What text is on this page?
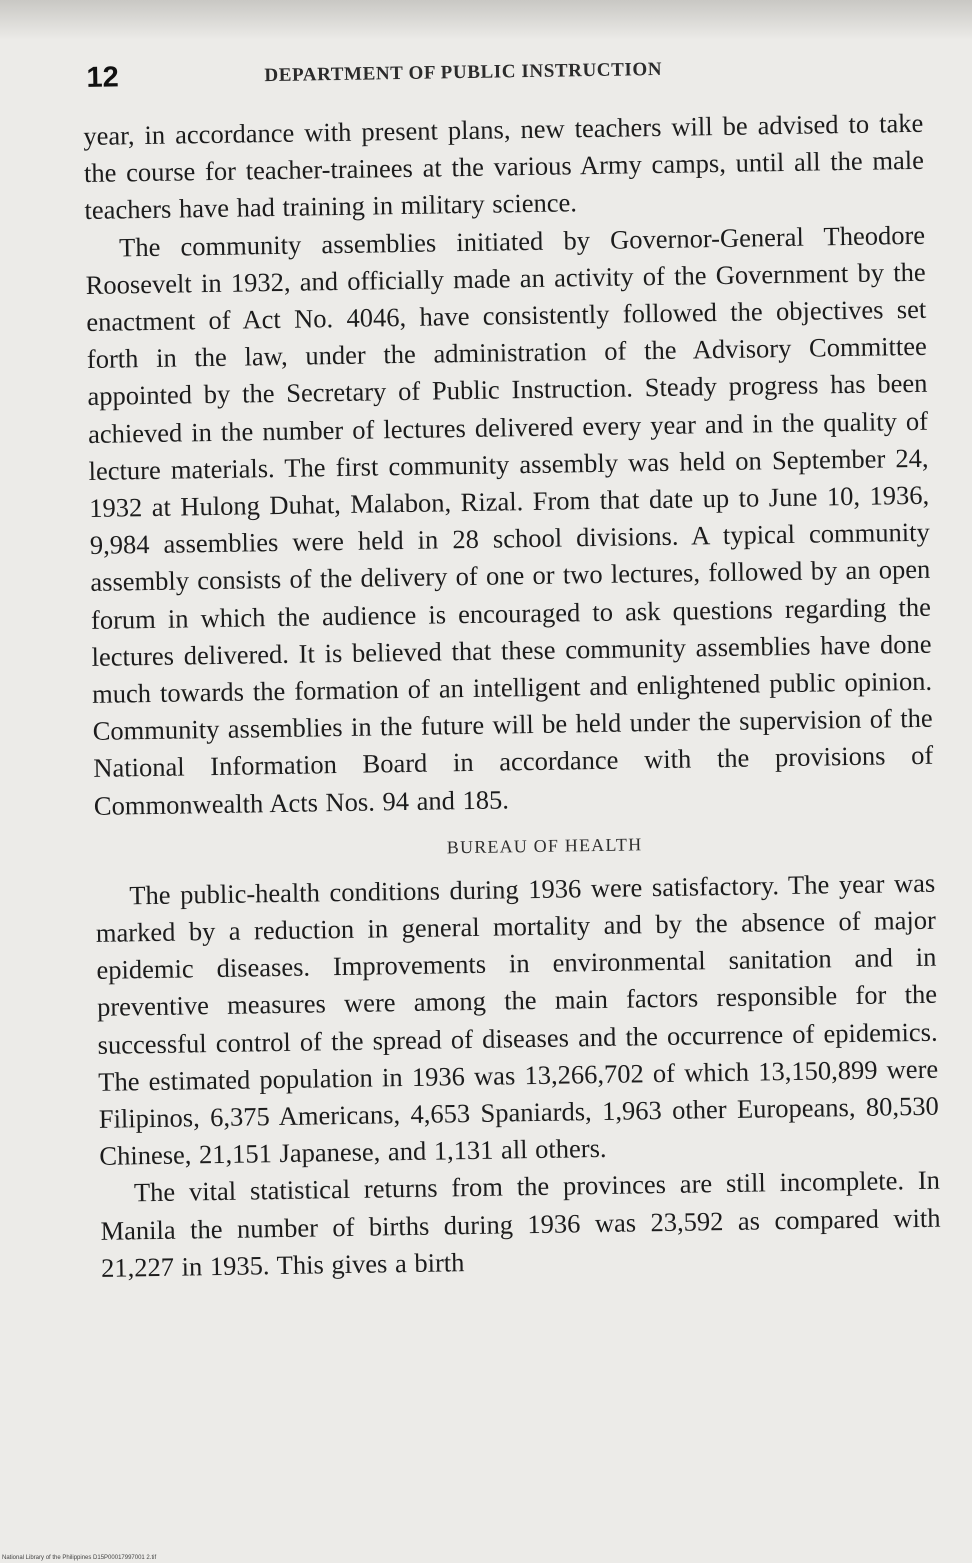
12	DEPARTMENT OF PUBLIC INSTRUCTION

year, in accordance with present plans, new teachers will be advised to take the course for teacher-trainees at the various Army camps, until all the male teachers have had training in military science.

The community assemblies initiated by Governor-General Theodore Roosevelt in 1932, and officially made an activity of the Government by the enactment of Act No. 4046, have consistently followed the objectives set forth in the law, under the administration of the Advisory Committee appointed by the Secretary of Public Instruction. Steady progress has been achieved in the number of lectures delivered every year and in the quality of lecture materials. The first community assembly was held on September 24, 1932 at Hulong Duhat, Malabon, Rizal. From that date up to June 10, 1936, 9,984 assemblies were held in 28 school divisions. A typical community assembly consists of the delivery of one or two lectures, followed by an open forum in which the audience is encouraged to ask questions regarding the lectures delivered. It is believed that these community assemblies have done much towards the formation of an intelligent and enlightened public opinion. Community assemblies in the future will be held under the supervision of the National Information Board in accordance with the provisions of Commonwealth Acts Nos. 94 and 185.

BUREAU OF HEALTH

The public-health conditions during 1936 were satisfactory. The year was marked by a reduction in general mortality and by the absence of major epidemic diseases. Improvements in environmental sanitation and in preventive measures were among the main factors responsible for the successful control of the spread of diseases and the occurrence of epidemics. The estimated population in 1936 was 13,266,702 of which 13,150,899 were Filipinos, 6,375 Americans, 4,653 Spaniards, 1,963 other Europeans, 80,530 Chinese, 21,151 Japanese, and 1,131 all others.

The vital statistical returns from the provinces are still incomplete. In Manila the number of births during 1936 was 23,592 as compared with 21,227 in 1935. This gives a birth

National Library of the Philippines D15P00017997001 2.tif
